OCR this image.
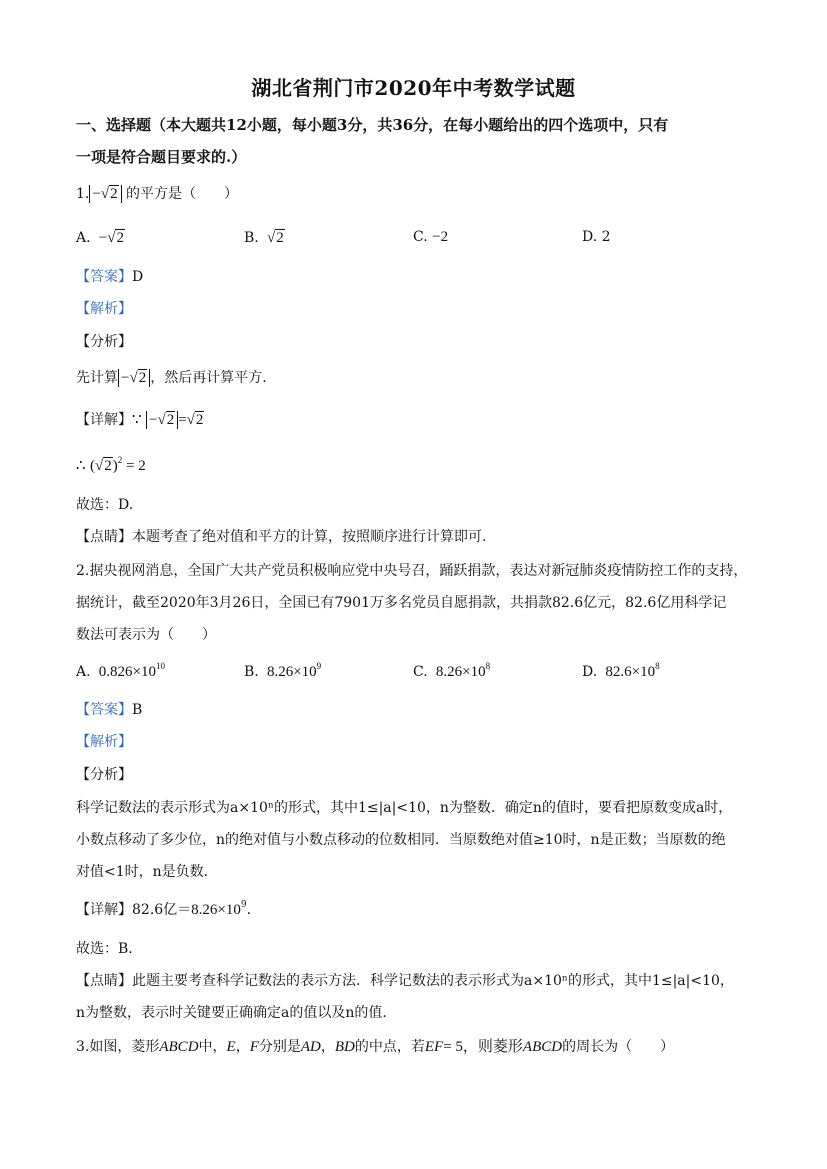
湖北省荆门市2020年中考数学试题
一、选择题（本大题共12小题，每小题3分，共36分，在每小题给出的四个选项中，只有
一项是符合题目要求的.）
1. −√2 的平方是（　　）
A. −√2	B. √2	C. −2	D. 2
【答案】D
【解析】
【分析】
先计算 −√2 ，然后再计算平方.
【详解】∵ −√2 =√2
∴ $(√2)^2 = 2$
故选：D.
【点睛】本题考查了绝对值和平方的计算，按照顺序进行计算即可.
2.据央视网消息，全国广大共产党员积极响应党中央号召，踊跃捐款，表达对新冠肺炎疫情防控工作的支持，
据统计，截至2020年3月26日，全国已有7901万多名党员自愿捐款，共捐款82.6亿元，82.6亿用科学记
数法可表示为（　　）
A. $0.826\times 10^{10}$	B. $8.26\times 10^9$	C. $8.26\times 10^8$	D. $82.6\times 10^8$
【答案】B
【解析】
【分析】
科学记数法的表示形式为a×10ⁿ的形式，其中1≤|a|<10，n为整数．确定n的值时，要看把原数变成a时，
小数点移动了多少位，n的绝对值与小数点移动的位数相同．当原数绝对值≥10时，n是正数；当原数的绝
对值<1时，n是负数.
【详解】82.6亿$=8.26\times 10^9$.
故选：B.
【点睛】此题主要考查科学记数法的表示方法．科学记数法的表示形式为a×10ⁿ的形式，其中1≤|a|<10，
n为整数，表示时关键要正确确定a的值以及n的值.
3.如图，菱形ABCD中，E，F分别是AD，BD的中点，若EF= 5，则菱形ABCD的周长为（　　）
